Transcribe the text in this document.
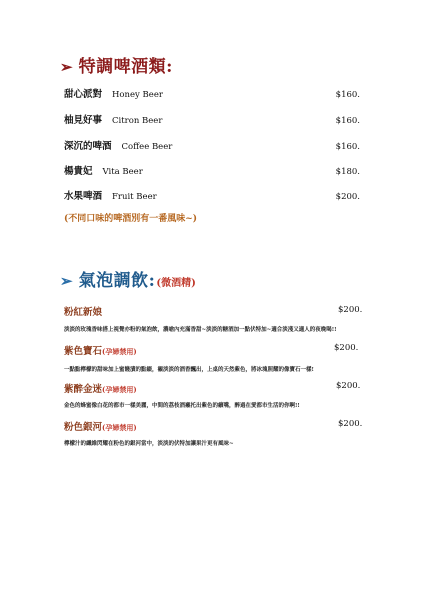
➢ 特調啤酒類:
甜心派對 Honey Beer	$160.
柚見好事 Citron Beer	$160.
深沉的啤酒 Coffee Beer	$160.
楊貴妃 Vita Beer	$180.
水果啤酒 Fruit Beer	$200.
(不同口味的啤酒別有一番風味~)
➢ 氣泡調飲: (微酒精)
粉紅新娘	$200.
淡淡的玫瑰香味搭上視覺亦粉的氣泡飲，濃嗆內充滿香甜~淡淡的糖酒加一點伏特加~適合淡淺又適人的夜晚喝!!
紫色寶石 (孕婦禁用)	$200.
一點點檸檬的甜味加上蜜餞漬的點綴，襯淡淡的酒香飄出，上桌的天然紫色，將冰塊照耀的像寶石一樣!
紫醉金迷 (孕婦禁用)	$200.
金色的蜂蜜像白花的都市一樣美麗，中間的荔枝酒襯托出紫色的繽嘴，醉過在愛都市生活的你啊!!
粉色銀河 (孕婦禁用)	$200.
檸檬汁的纖維閃耀在粉色的銀河當中，淡淡的伏特加讓果汁更有風味~
